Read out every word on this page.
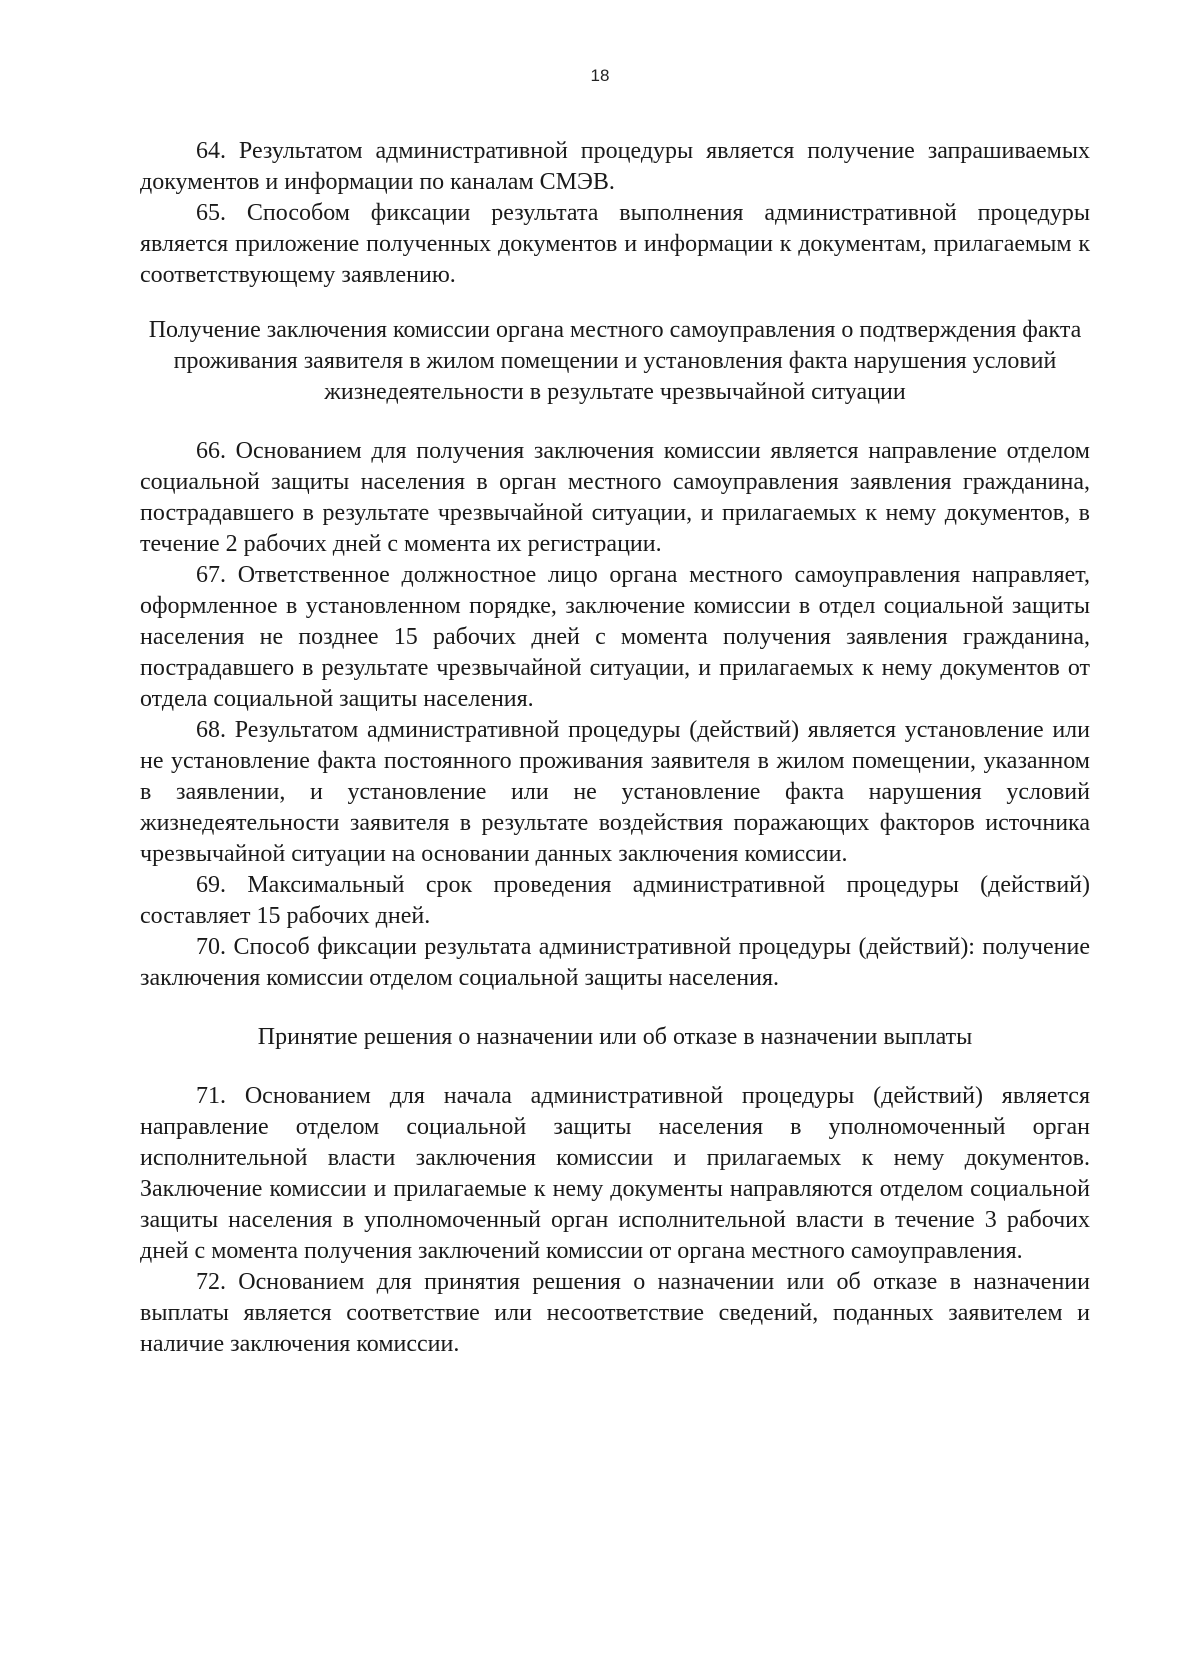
18

64. Результатом административной процедуры является получение запрашиваемых документов и информации по каналам СМЭВ.

65. Способом фиксации результата выполнения административной процедуры является приложение полученных документов и информации к документам, прилагаемым к соответствующему заявлению.

Получение заключения комиссии органа местного самоуправления о подтверждения факта проживания заявителя в жилом помещении и установления факта нарушения условий жизнедеятельности в результате чрезвычайной ситуации

66. Основанием для получения заключения комиссии является направление отделом социальной защиты населения в орган местного самоуправления заявления гражданина, пострадавшего в результате чрезвычайной ситуации, и прилагаемых к нему документов, в течение 2 рабочих дней с момента их регистрации.

67. Ответственное должностное лицо органа местного самоуправления направляет, оформленное в установленном порядке, заключение комиссии в отдел социальной защиты населения не позднее 15 рабочих дней с момента получения заявления гражданина, пострадавшего в результате чрезвычайной ситуации, и прилагаемых к нему документов от отдела социальной защиты населения.

68. Результатом административной процедуры (действий) является установление или не установление факта постоянного проживания заявителя в жилом помещении, указанном в заявлении, и установление или не установление факта нарушения условий жизнедеятельности заявителя в результате воздействия поражающих факторов источника чрезвычайной ситуации на основании данных заключения комиссии.

69. Максимальный срок проведения административной процедуры (действий) составляет 15 рабочих дней.

70. Способ фиксации результата административной процедуры (действий): получение заключения комиссии отделом социальной защиты населения.

Принятие решения о назначении или об отказе в назначении выплаты

71. Основанием для начала административной процедуры (действий) является направление отделом социальной защиты населения в уполномоченный орган исполнительной власти заключения комиссии и прилагаемых к нему документов. Заключение комиссии и прилагаемые к нему документы направляются отделом социальной защиты населения в уполномоченный орган исполнительной власти в течение 3 рабочих дней с момента получения заключений комиссии от органа местного самоуправления.

72. Основанием для принятия решения о назначении или об отказе в назначении выплаты является соответствие или несоответствие сведений, поданных заявителем и наличие заключения комиссии.
